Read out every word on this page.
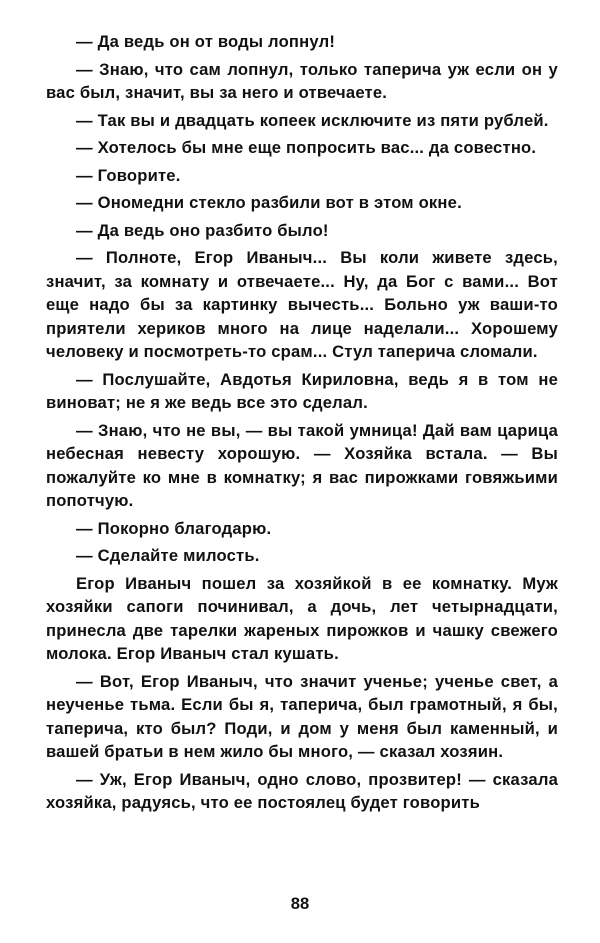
— Да ведь он от воды лопнул!

— Знаю, что сам лопнул, только таперича уж если он у вас был, значит, вы за него и отвечаете.

— Так вы и двадцать копеек исключите из пяти рублей.

— Хотелось бы мне еще попросить вас... да совестно.

— Говорите.

— Ономедни стекло разбили вот в этом окне.

— Да ведь оно разбито было!

— Полноте, Егор Иваныч... Вы коли живете здесь, значит, за комнату и отвечаете... Ну, да Бог с вами... Вот еще надо бы за картинку вычесть... Больно уж ваши-то приятели хериков много на лице наделали... Хорошему человеку и посмотреть-то срам... Стул таперича сломали.

— Послушайте, Авдотья Кириловна, ведь я в том не виноват; не я же ведь все это сделал.

— Знаю, что не вы, — вы такой умница! Дай вам царица небесная невесту хорошую. — Хозяйка встала. — Вы пожалуйте ко мне в комнатку; я вас пирожками говяжьими попотчую.

— Покорно благодарю.

— Сделайте милость.

Егор Иваныч пошел за хозяйкой в ее комнатку. Муж хозяйки сапоги починивал, а дочь, лет четырнадцати, принесла две тарелки жареных пирожков и чашку свежего молока. Егор Иваныч стал кушать.

— Вот, Егор Иваныч, что значит ученье; ученье свет, а неученье тьма. Если бы я, таперича, был грамотный, я бы, таперича, кто был? Поди, и дом у меня был каменный, и вашей братьи в нем жило бы много, — сказал хозяин.

— Уж, Егор Иваныч, одно слово, прозвитер! — сказала хозяйка, радуясь, что ее постоялец будет говорить

88
